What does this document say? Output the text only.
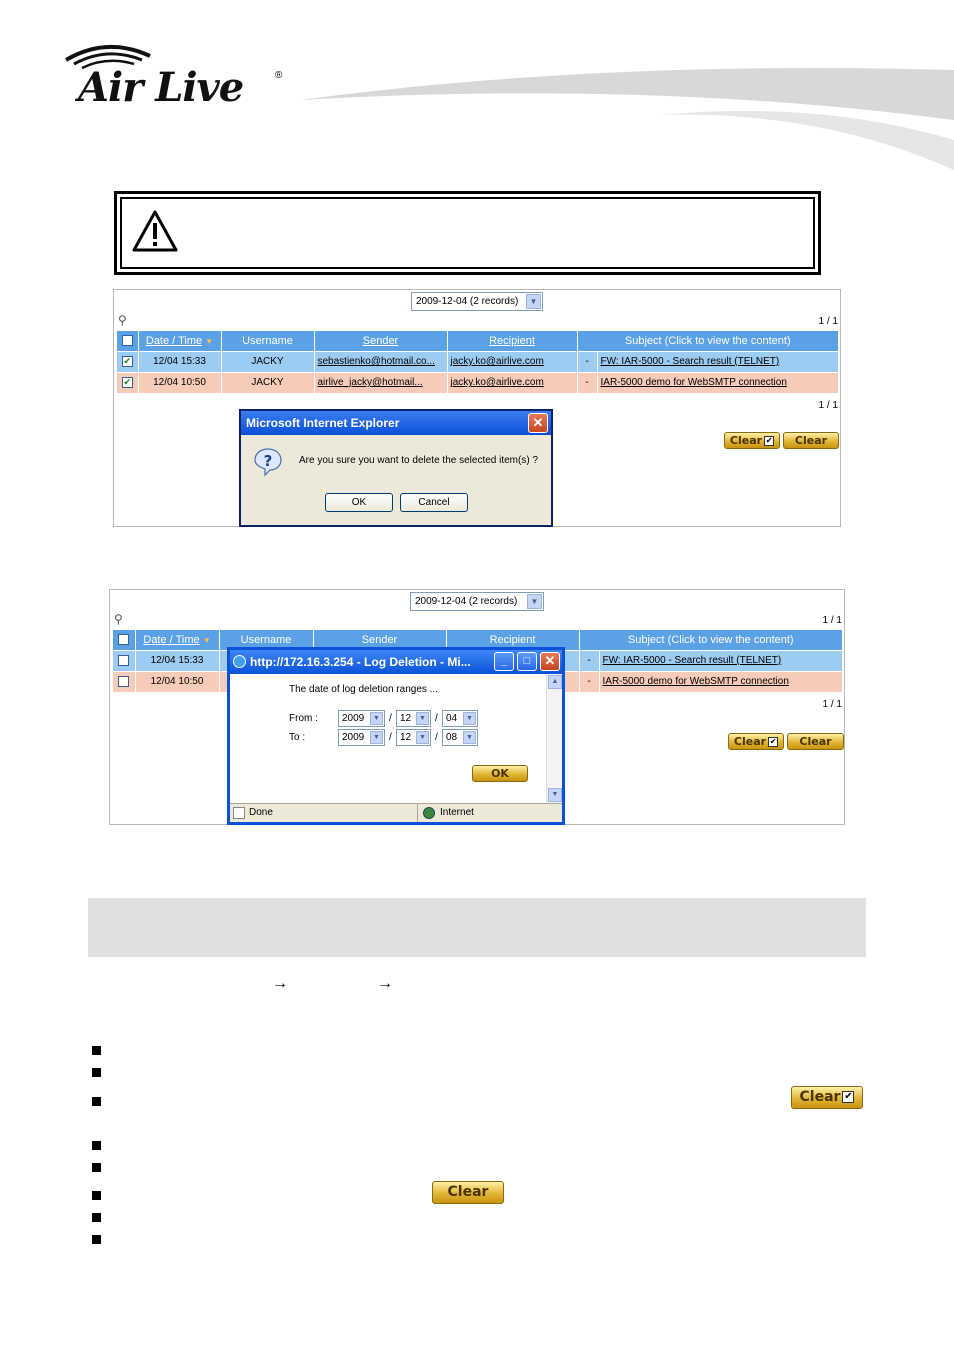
Air Live	®
2009-12-04 (2 records)	▼
⚲	1 / 1
	Date / Time ▼	Username	Sender	Recipient	Subject (Click to view the content)	
✔	12/04 15:33	JACKY	sebastienko@hotmail.co...	jacky.ko@airlive.com	-	FW: IAR-5000 - Search result (TELNET)
✔	12/04 10:50	JACKY	airlive_jacky@hotmail...	jacky.ko@airlive.com	-	IAR-5000 demo for WebSMTP connection
1 / 1
Clear ✔	Clear
Microsoft Internet Explorer	✕
?	Are you sure you want to delete the selected item(s) ?
OK	Cancel
2009-12-04 (2 records)	▼
⚲	1 / 1
	Date / Time ▼	Username	Sender	Recipient	Subject (Click to view the content)	
	12/04 15:33				-	FW: IAR-5000 - Search result (TELNET)
	12/04 10:50				-	IAR-5000 demo for WebSMTP connection
1 / 1
Clear ✔	Clear
http://172.16.3.254 - Log Deletion - Mi...	_	□	✕
The date of log deletion ranges ...
From :	2009	▼ / 12	▼ / 04	▼
To :	2009	▼ / 12	▼ / 08	▼
OK
▲
▼
Done	Internet
→	→
Clear ✔
Clear
